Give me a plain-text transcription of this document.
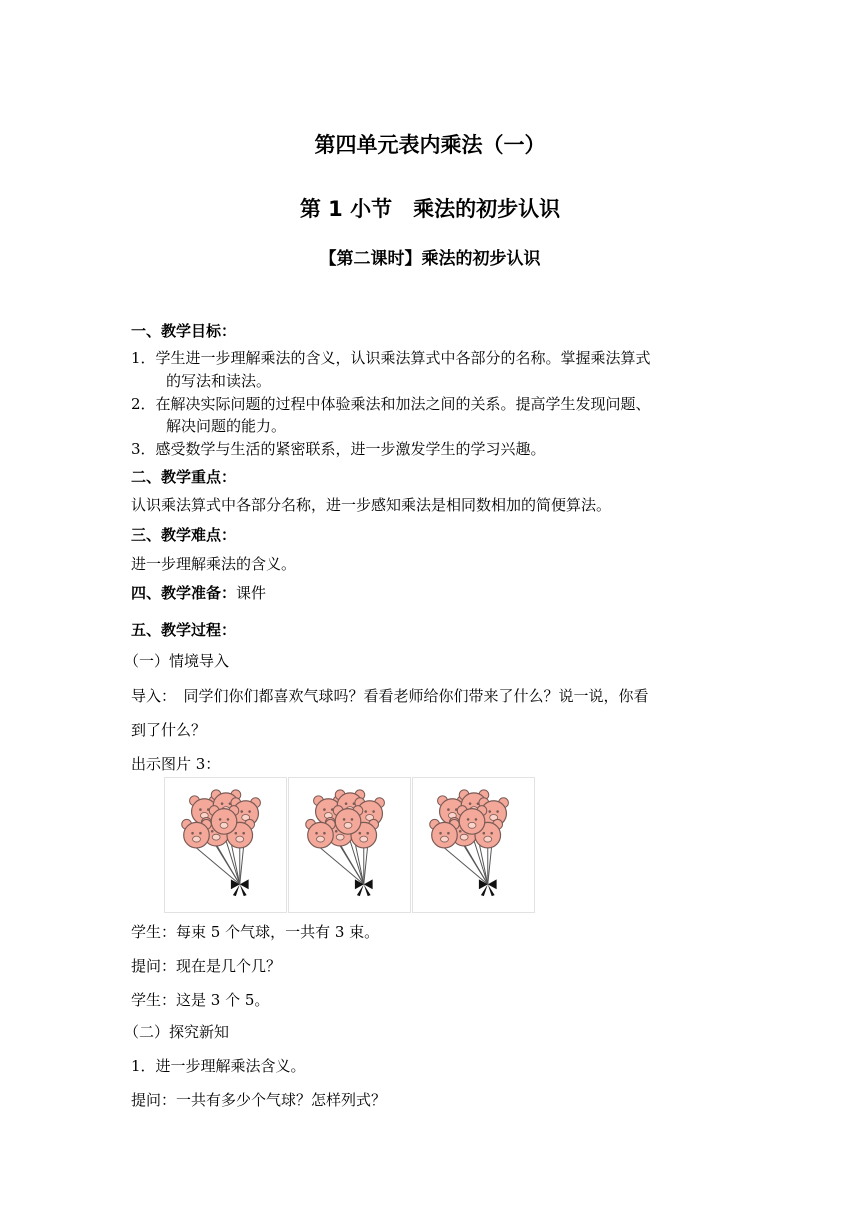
第四单元表内乘法（一）
第 1 小节　乘法的初步认识
【第二课时】乘法的初步认识
一、教学目标：
1．学生进一步理解乘法的含义，认识乘法算式中各部分的名称。掌握乘法算式
的写法和读法。
2．在解决实际问题的过程中体验乘法和加法之间的关系。提高学生发现问题、
解决问题的能力。
3．感受数学与生活的紧密联系，进一步激发学生的学习兴趣。
二、教学重点：
认识乘法算式中各部分名称，进一步感知乘法是相同数相加的简便算法。
三、教学难点：
进一步理解乘法的含义。
四、教学准备：课件
五、教学过程：
（一）情境导入
导入：　同学们你们都喜欢气球吗？看看老师给你们带来了什么？说一说，你看
到了什么？
出示图片 3：
学生：每束 5 个气球，一共有 3 束。
提问：现在是几个几？
学生：这是 3 个 5。
（二）探究新知
1．进一步理解乘法含义。
提问：一共有多少个气球？怎样列式？
